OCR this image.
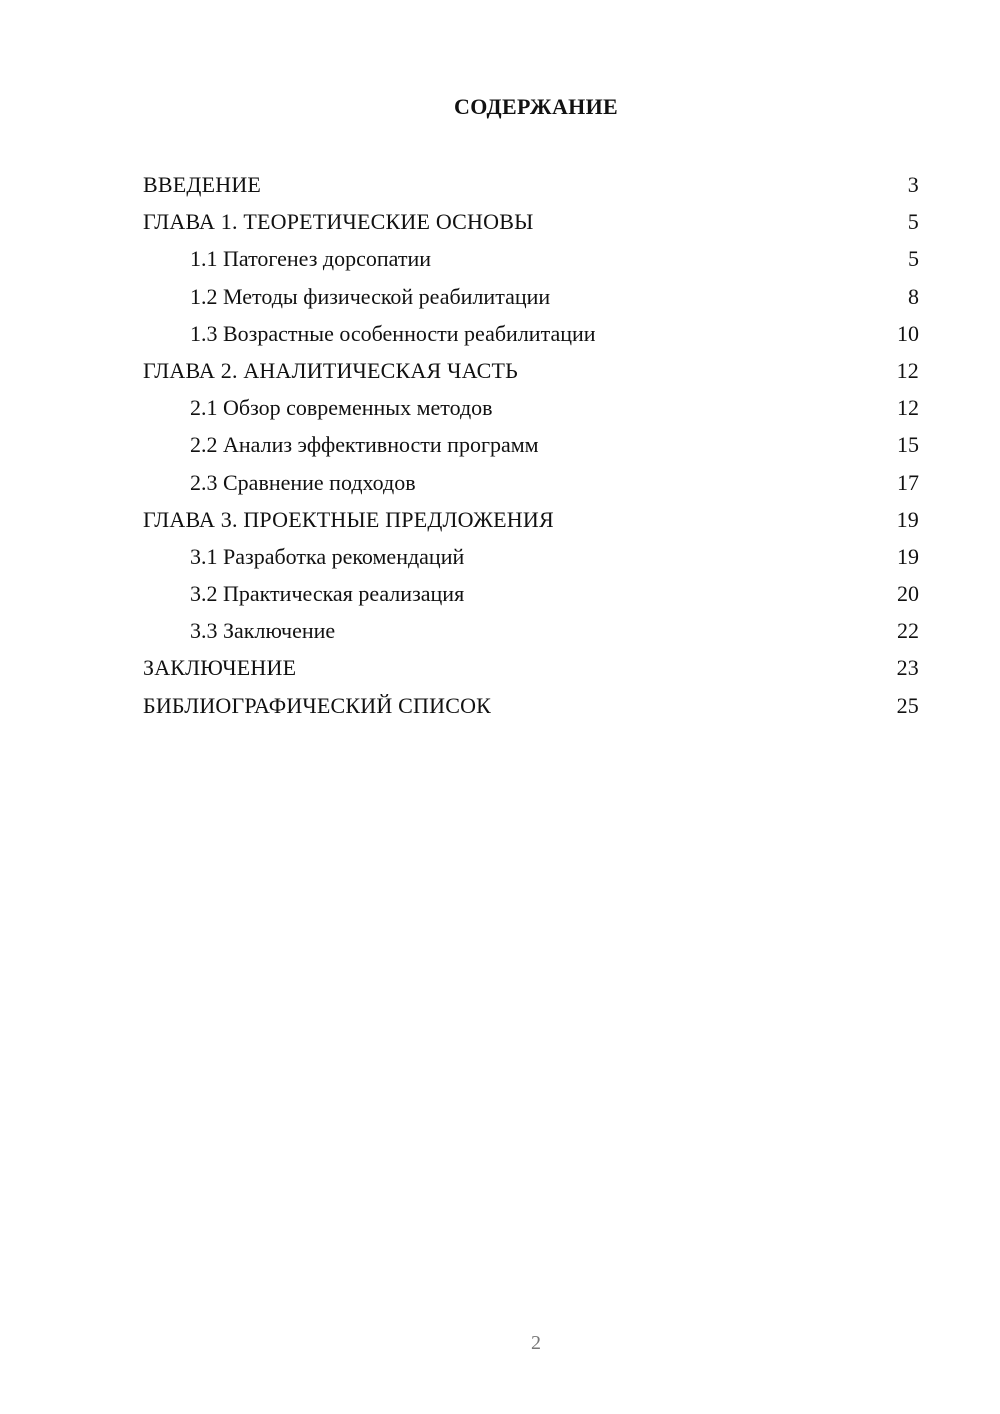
СОДЕРЖАНИЕ
ВВЕДЕНИЕ	3
ГЛАВА 1. ТЕОРЕТИЧЕСКИЕ ОСНОВЫ	5
1.1 Патогенез дорсопатии	5
1.2 Методы физической реабилитации	8
1.3 Возрастные особенности реабилитации	10
ГЛАВА 2. АНАЛИТИЧЕСКАЯ ЧАСТЬ	12
2.1 Обзор современных методов	12
2.2 Анализ эффективности программ	15
2.3 Сравнение подходов	17
ГЛАВА 3. ПРОЕКТНЫЕ ПРЕДЛОЖЕНИЯ	19
3.1 Разработка рекомендаций	19
3.2 Практическая реализация	20
3.3 Заключение	22
ЗАКЛЮЧЕНИЕ	23
БИБЛИОГРАФИЧЕСКИЙ СПИСОК	25
2
